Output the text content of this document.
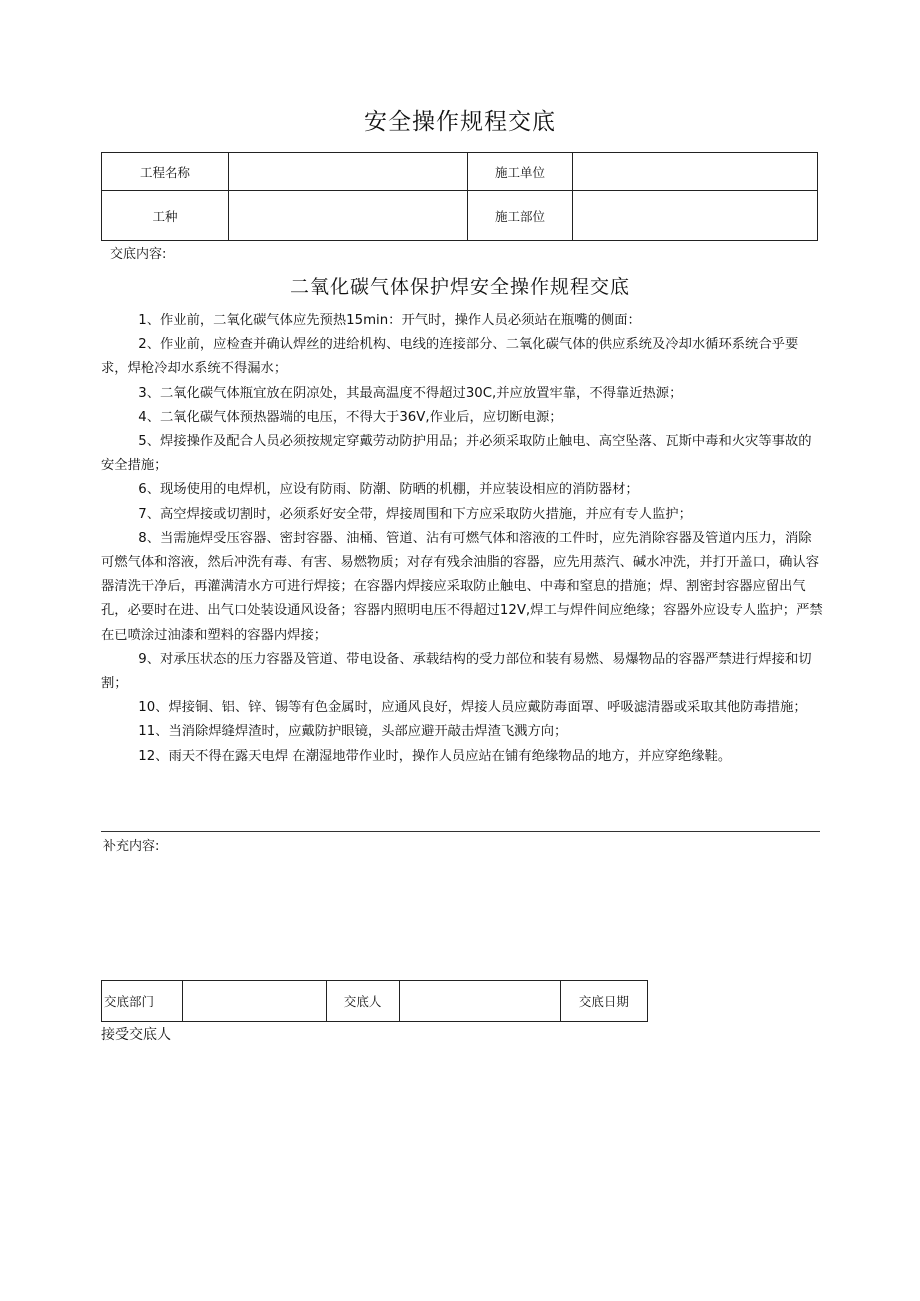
安全操作规程交底
工程名称		施工单位	
工种		施工部位	
交底内容:
二氧化碳气体保护焊安全操作规程交底

1、作业前，二氧化碳气体应先预热15min：开气时，操作人员必须站在瓶嘴的侧面：

2、作业前，应检查并确认焊丝的进给机构、电线的连接部分、二氧化碳气体的供应系统及冷却水循环系统合乎要求，焊枪冷却水系统不得漏水；

3、二氧化碳气体瓶宜放在阴凉处，其最高温度不得超过30C,并应放置牢靠，不得靠近热源；

4、二氧化碳气体预热器端的电压，不得大于36V,作业后，应切断电源；

5、焊接操作及配合人员必须按规定穿戴劳动防护用品；并必须采取防止触电、高空坠落、瓦斯中毒和火灾等事故的安全措施；

6、现场使用的电焊机，应设有防雨、防潮、防晒的机棚，并应装设相应的消防器材；

7、高空焊接或切割时，必须系好安全带，焊接周围和下方应采取防火措施，并应有专人监护；

8、当需施焊受压容器、密封容器、油桶、管道、沾有可燃气体和溶液的工件时，应先消除容器及管道内压力，消除可燃气体和溶液，然后冲洗有毒、有害、易燃物质；对存有残余油脂的容器，应先用蒸汽、碱水冲洗，并打开盖口，确认容器清洗干净后，再灌满清水方可进行焊接；在容器内焊接应采取防止触电、中毒和窒息的措施；焊、割密封容器应留出气孔，必要时在进、出气口处装设通风设备；容器内照明电压不得超过12V,焊工与焊件间应绝缘；容器外应设专人监护；严禁在已喷涂过油漆和塑料的容器内焊接；

9、对承压状态的压力容器及管道、带电设备、承载结构的受力部位和装有易燃、易爆物品的容器严禁进行焊接和切割；

10、焊接铜、铝、锌、锡等有色金属时，应通风良好，焊接人员应戴防毒面罩、呼吸滤清器或采取其他防毒措施；

11、当消除焊缝焊渣时，应戴防护眼镜，头部应避开敲击焊渣飞溅方向；

12、雨天不得在露天电焊 在潮湿地带作业时，操作人员应站在铺有绝缘物品的地方，并应穿绝缘鞋。

补充内容:
交底部门		交底人		交底日期
接受交底人
